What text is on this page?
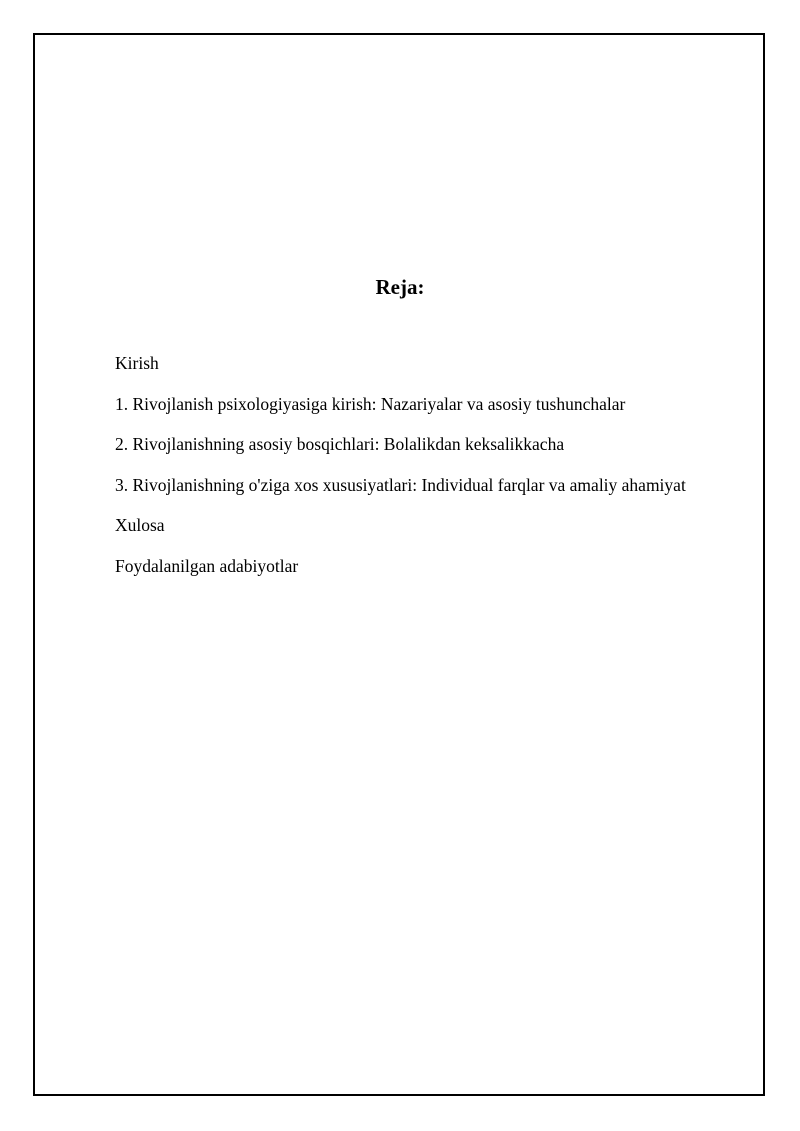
Reja:
Kirish
1. Rivojlanish psixologiyasiga kirish: Nazariyalar va asosiy tushunchalar
2. Rivojlanishning asosiy bosqichlari: Bolalikdan keksalikkacha
3. Rivojlanishning o'ziga xos xususiyatlari: Individual farqlar va amaliy ahamiyat
Xulosa
Foydalanilgan adabiyotlar
